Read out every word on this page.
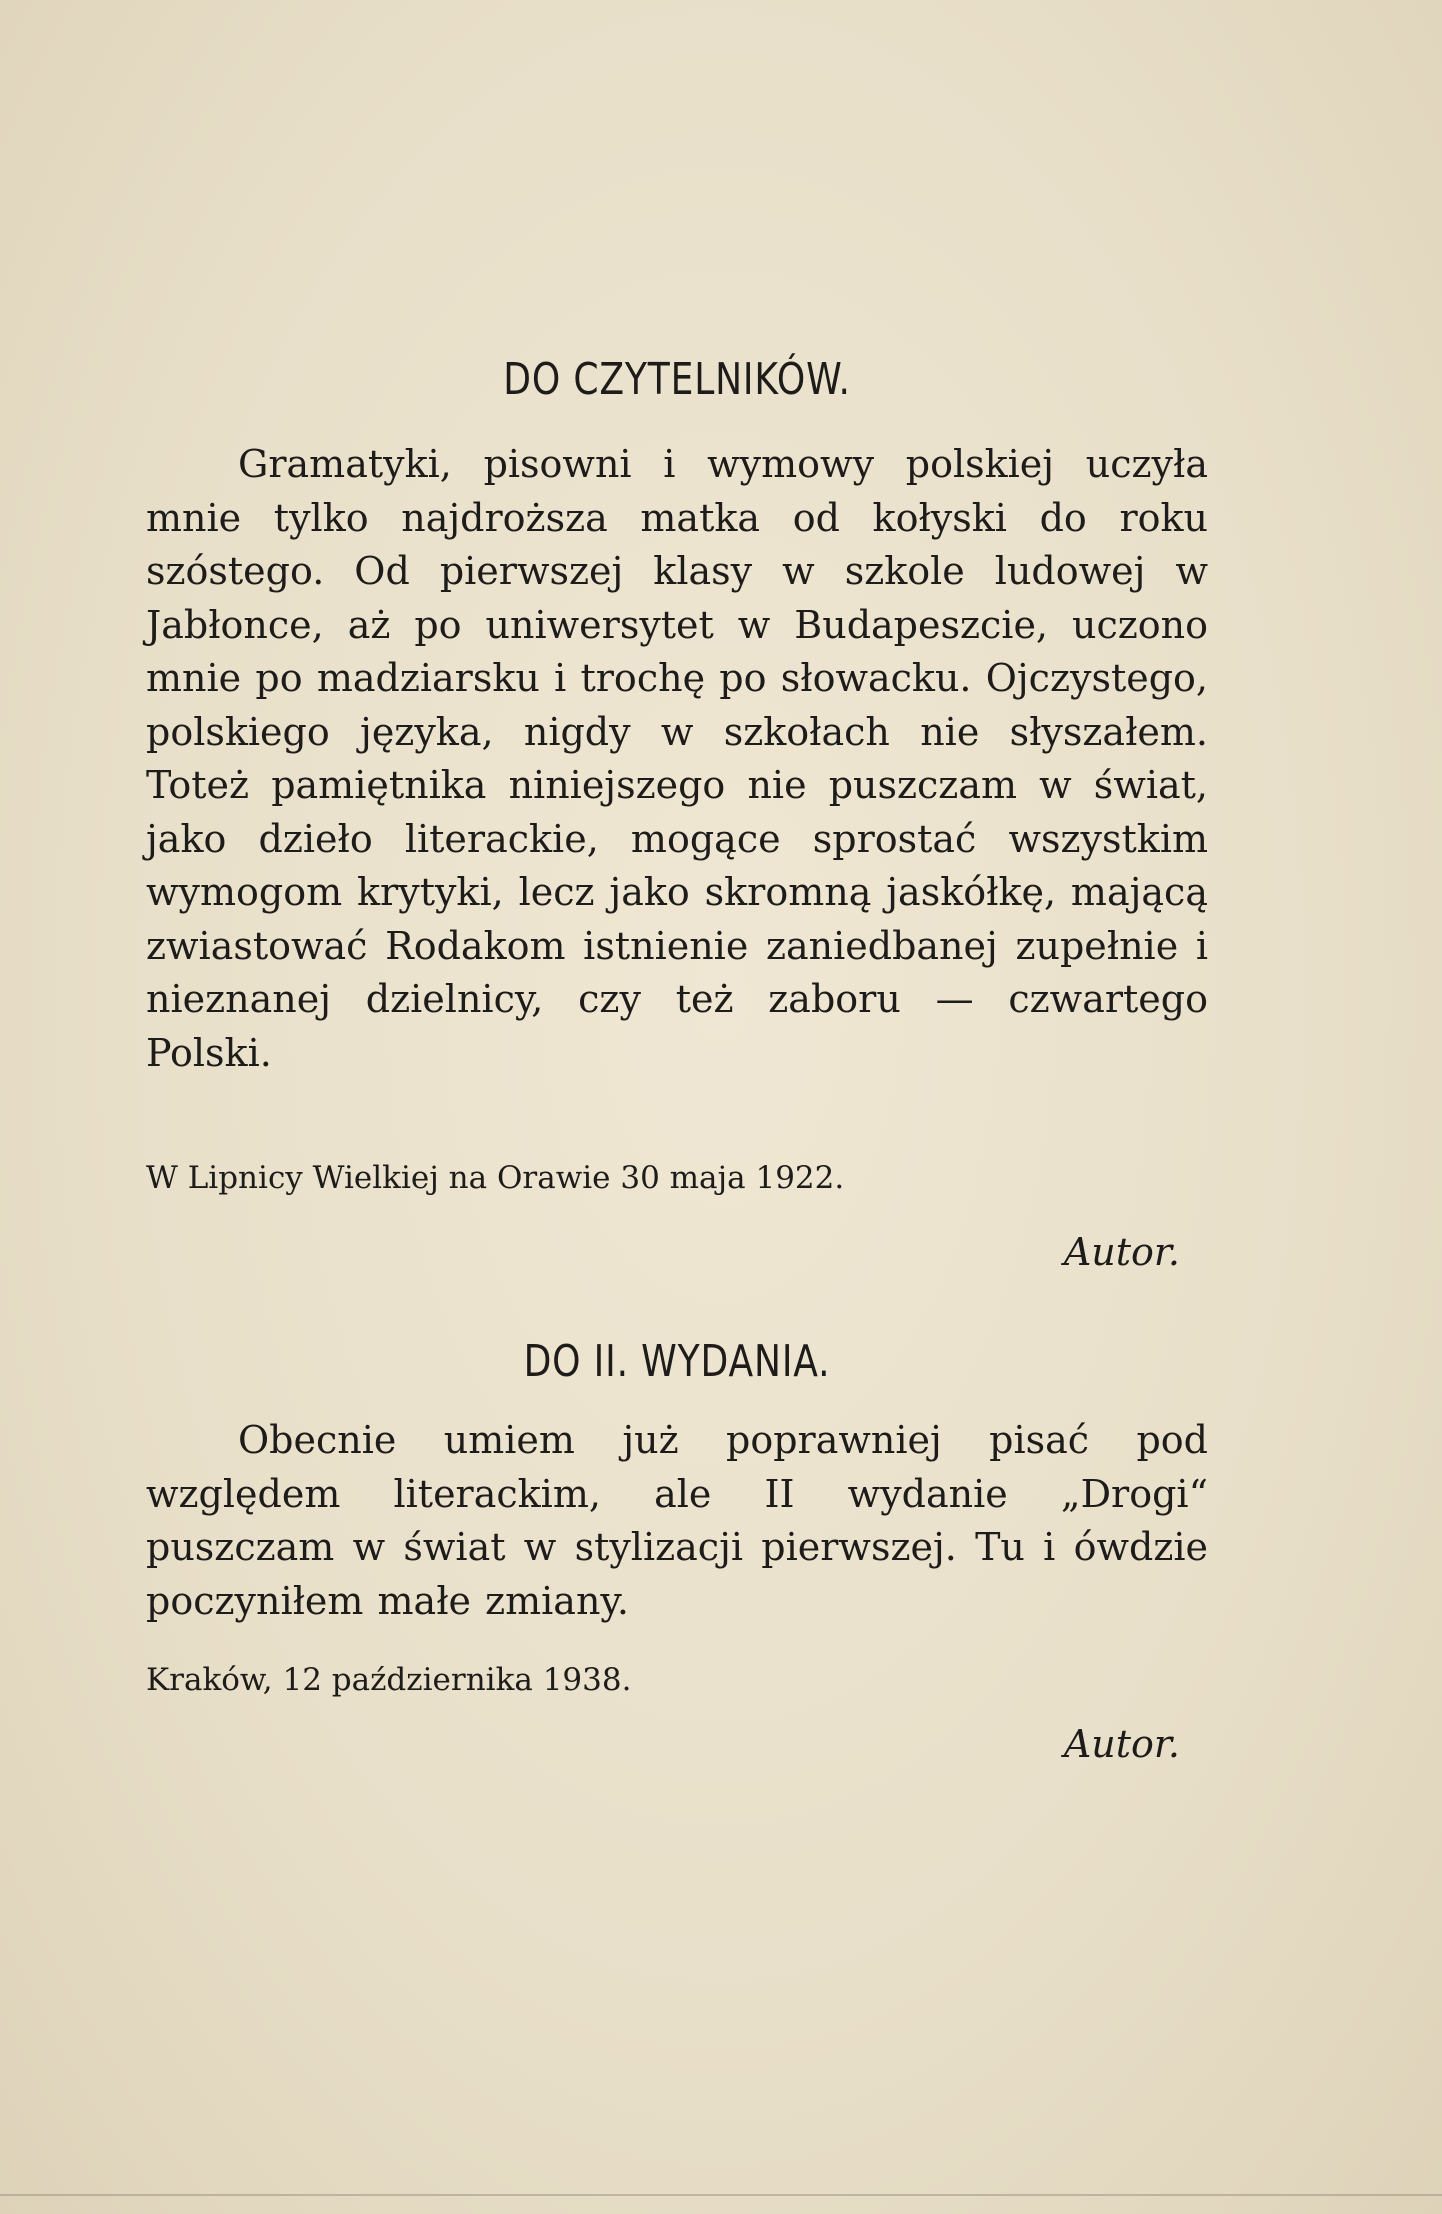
DO CZYTELNIKÓW.

Gramatyki, pisowni i wymowy polskiej uczyła mnie tylko najdroższa matka od kołyski do roku szóstego. Od pierwszej klasy w szkole ludowej w Jabłonce, aż po uniwersytet w Budapeszcie, uczono mnie po madziarsku i trochę po słowacku. Ojczystego, polskiego języka, nigdy w szkołach nie słyszałem. Toteż pamiętnika niniejszego nie puszczam w świat, jako dzieło literackie, mogące sprostać wszystkim wymogom krytyki, lecz jako skromną jaskółkę, mającą zwiastować Rodakom istnienie zaniedbanej zupełnie i nieznanej dzielnicy, czy też zaboru — czwartego Polski.

W Lipnicy Wielkiej na Orawie 30 maja 1922.

Autor.

DO II. WYDANIA.

Obecnie umiem już poprawniej pisać pod względem literackim, ale II wydanie „Drogi“ puszczam w świat w stylizacji pierwszej. Tu i ówdzie poczyniłem małe zmiany.

Kraków, 12 października 1938.

Autor.
